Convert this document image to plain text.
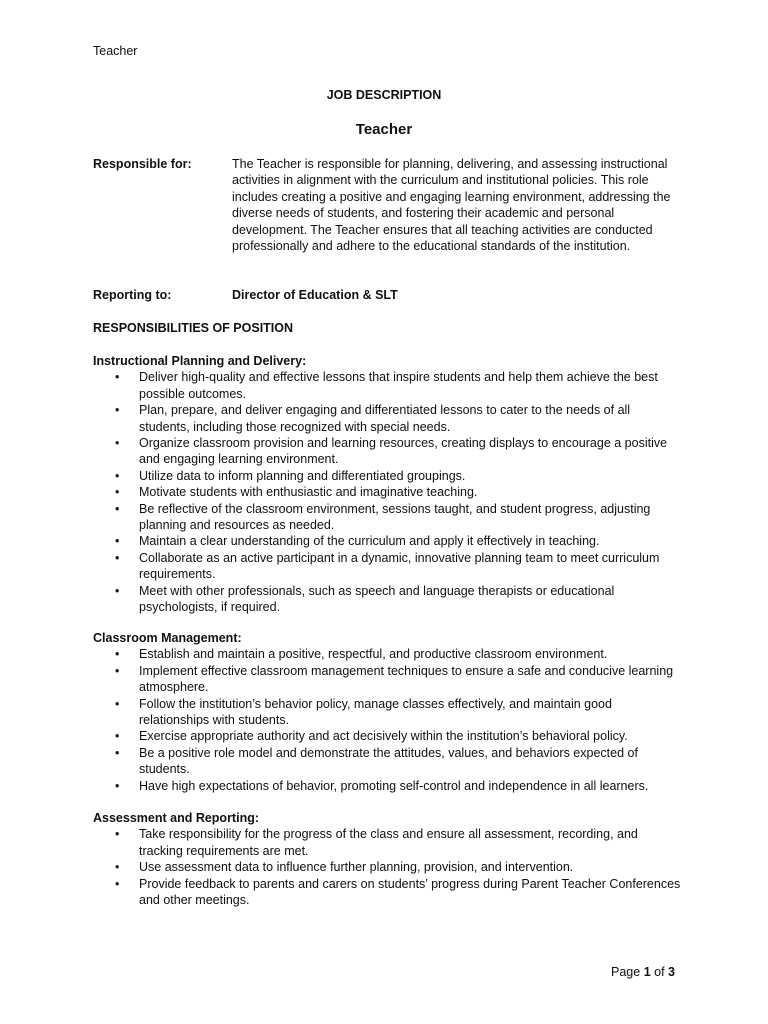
Teacher
JOB DESCRIPTION
Teacher
Responsible for:	The Teacher is responsible for planning, delivering, and assessing instructional activities in alignment with the curriculum and institutional policies. This role includes creating a positive and engaging learning environment, addressing the diverse needs of students, and fostering their academic and personal development. The Teacher ensures that all teaching activities are conducted professionally and adhere to the educational standards of the institution.
Reporting to:	Director of Education & SLT
RESPONSIBILITIES OF POSITION
Instructional Planning and Delivery:
• Deliver high-quality and effective lessons that inspire students and help them achieve the best possible outcomes.
• Plan, prepare, and deliver engaging and differentiated lessons to cater to the needs of all students, including those recognized with special needs.
• Organize classroom provision and learning resources, creating displays to encourage a positive and engaging learning environment.
• Utilize data to inform planning and differentiated groupings.
• Motivate students with enthusiastic and imaginative teaching.
• Be reflective of the classroom environment, sessions taught, and student progress, adjusting planning and resources as needed.
• Maintain a clear understanding of the curriculum and apply it effectively in teaching.
• Collaborate as an active participant in a dynamic, innovative planning team to meet curriculum requirements.
• Meet with other professionals, such as speech and language therapists or educational psychologists, if required.
Classroom Management:
• Establish and maintain a positive, respectful, and productive classroom environment.
• Implement effective classroom management techniques to ensure a safe and conducive learning atmosphere.
• Follow the institution’s behavior policy, manage classes effectively, and maintain good relationships with students.
• Exercise appropriate authority and act decisively within the institution’s behavioral policy.
• Be a positive role model and demonstrate the attitudes, values, and behaviors expected of students.
• Have high expectations of behavior, promoting self-control and independence in all learners.
Assessment and Reporting:
• Take responsibility for the progress of the class and ensure all assessment, recording, and tracking requirements are met.
• Use assessment data to influence further planning, provision, and intervention.
• Provide feedback to parents and carers on students’ progress during Parent Teacher Conferences and other meetings.
Page 1 of 3
